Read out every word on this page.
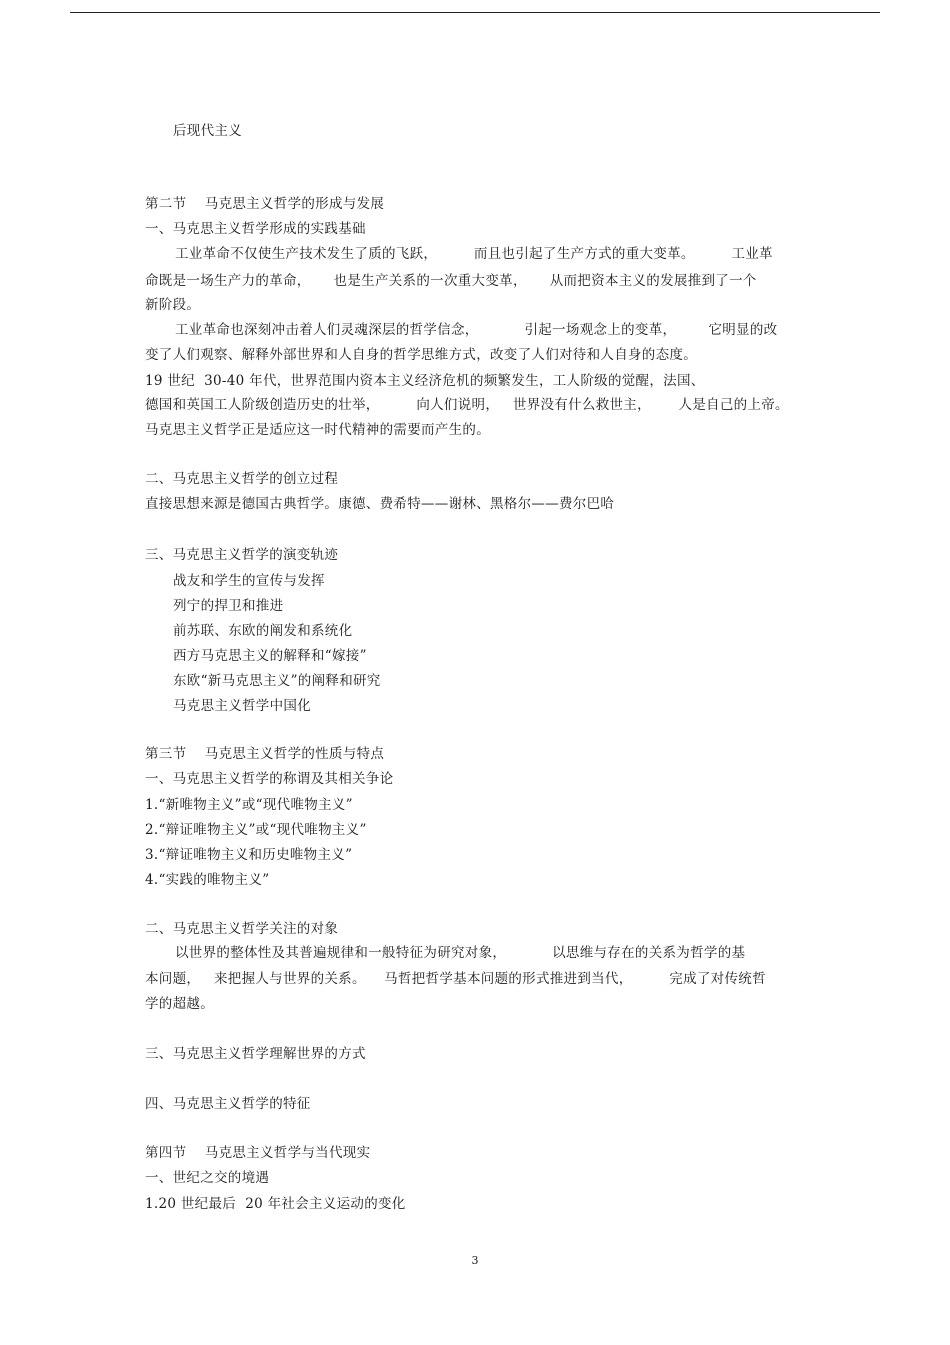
后现代主义
第二节    马克思主义哲学的形成与发展
一、马克思主义哲学形成的实践基础
工业革命不仅使生产技术发生了质的飞跃，        而且也引起了生产方式的重大变革。        工业革
命既是一场生产力的革命，     也是生产关系的一次重大变革，     从而把资本主义的发展推到了一个
新阶段。
工业革命也深刻冲击着人们灵魂深层的哲学信念，          引起一场观念上的变革，       它明显的改
变了人们观察、解释外部世界和人自身的哲学思维方式，改变了人们对待和人自身的态度。
19 世纪  30-40 年代，世界范围内资本主义经济危机的频繁发生，工人阶级的觉醒，法国、
德国和英国工人阶级创造历史的壮举，        向人们说明，   世界没有什么救世主，      人是自己的上帝。
马克思主义哲学正是适应这一时代精神的需要而产生的。
二、马克思主义哲学的创立过程
直接思想来源是德国古典哲学。康德、费希特——谢林、黑格尔——费尔巴哈
三、马克思主义哲学的演变轨迹
战友和学生的宣传与发挥
列宁的捍卫和推进
前苏联、东欧的阐发和系统化
西方马克思主义的解释和“嫁接”
东欧“新马克思主义”的阐释和研究
马克思主义哲学中国化
第三节    马克思主义哲学的性质与特点
一、马克思主义哲学的称谓及其相关争论
1.“新唯物主义”或“现代唯物主义”
2.“辩证唯物主义”或“现代唯物主义”
3.“辩证唯物主义和历史唯物主义”
4.“实践的唯物主义”
二、马克思主义哲学关注的对象
以世界的整体性及其普遍规律和一般特征为研究对象，          以思维与存在的关系为哲学的基
本问题，   来把握人与世界的关系。    马哲把哲学基本问题的形式推进到当代，        完成了对传统哲
学的超越。
三、马克思主义哲学理解世界的方式
四、马克思主义哲学的特征
第四节    马克思主义哲学与当代现实
一、世纪之交的境遇
1.20 世纪最后  20 年社会主义运动的变化
3
